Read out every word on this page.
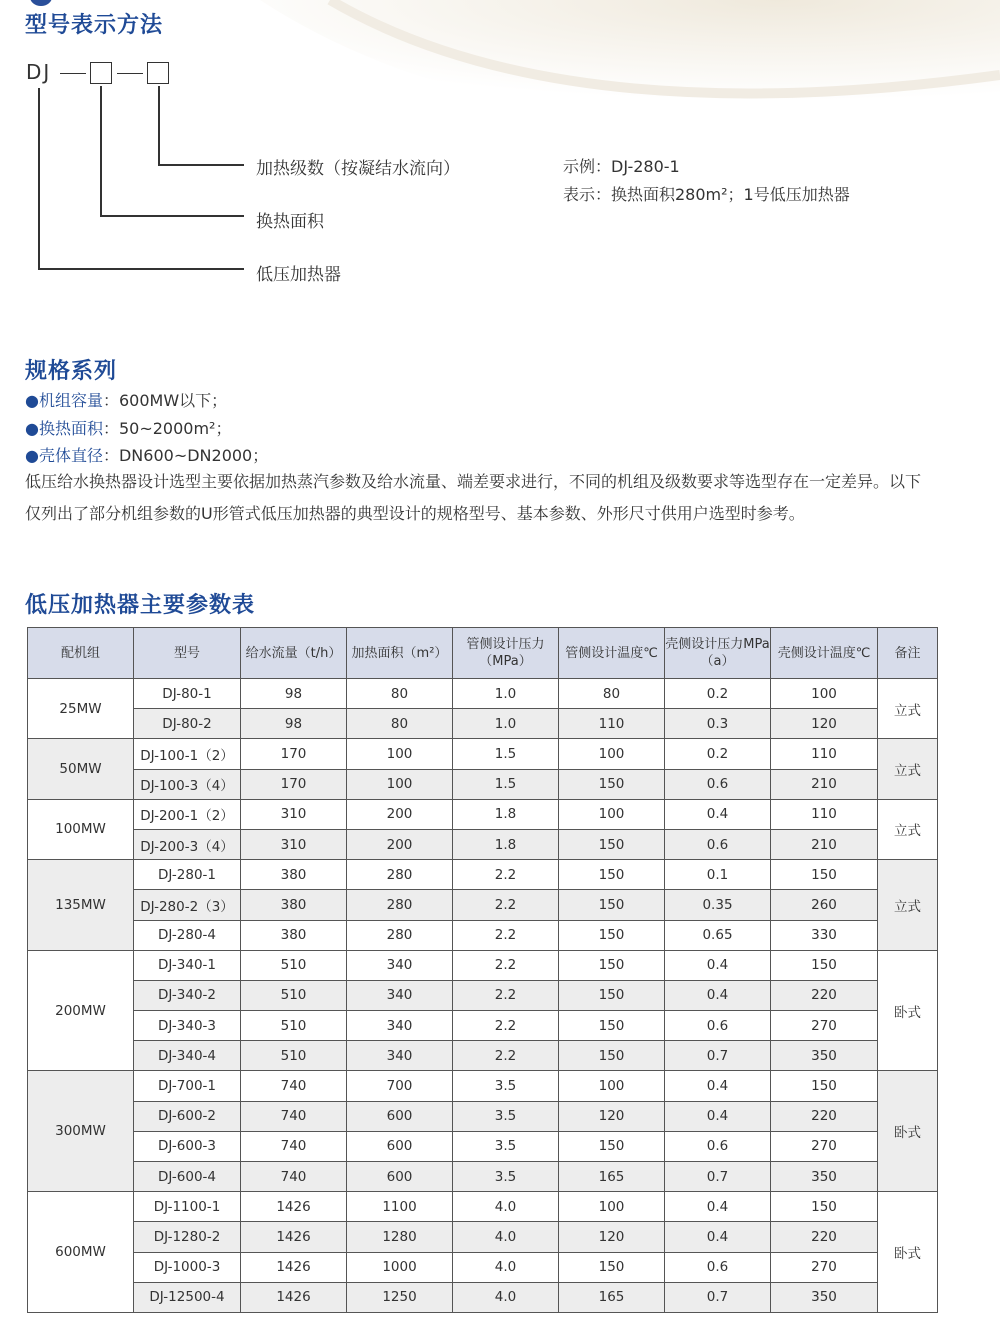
型号表示方法
DJ
加热级数（按凝结水流向）
换热面积
低压加热器
示例：DJ-280-1
表示：换热面积280m²；1号低压加热器
规格系列
●机组容量：600MW以下；
●换热面积：50~2000m²；
●壳体直径：DN600~DN2000；
低压给水换热器设计选型主要依据加热蒸汽参数及给水流量、端差要求进行，不同的机组及级数要求等选型存在一定差异。以下
仅列出了部分机组参数的U形管式低压加热器的典型设计的规格型号、基本参数、外形尺寸供用户选型时参考。
低压加热器主要参数表
配机组	型号	给水流量（t/h）	加热面积（m²）	管侧设计压力（MPa）	管侧设计温度℃	壳侧设计压力MPa（a）	壳侧设计温度℃	备注
25MW	DJ-80-1	98	80	1.0	80	0.2	100	立式
	DJ-80-2	98	80	1.0	110	0.3	120	
50MW	DJ-100-1（2）	170	100	1.5	100	0.2	110	立式
	DJ-100-3（4）	170	100	1.5	150	0.6	210	
100MW	DJ-200-1（2）	310	200	1.8	100	0.4	110	立式
	DJ-200-3（4）	310	200	1.8	150	0.6	210	
135MW	DJ-280-1	380	280	2.2	150	0.1	150	立式
	DJ-280-2（3）	380	280	2.2	150	0.35	260	
	DJ-280-4	380	280	2.2	150	0.65	330	
200MW	DJ-340-1	510	340	2.2	150	0.4	150	卧式
	DJ-340-2	510	340	2.2	150	0.4	220	
	DJ-340-3	510	340	2.2	150	0.6	270	
	DJ-340-4	510	340	2.2	150	0.7	350	
300MW	DJ-700-1	740	700	3.5	100	0.4	150	卧式
	DJ-600-2	740	600	3.5	120	0.4	220	
	DJ-600-3	740	600	3.5	150	0.6	270	
	DJ-600-4	740	600	3.5	165	0.7	350	
600MW	DJ-1100-1	1426	1100	4.0	100	0.4	150	卧式
	DJ-1280-2	1426	1280	4.0	120	0.4	220	
	DJ-1000-3	1426	1000	4.0	150	0.6	270	
	DJ-12500-4	1426	1250	4.0	165	0.7	350	
